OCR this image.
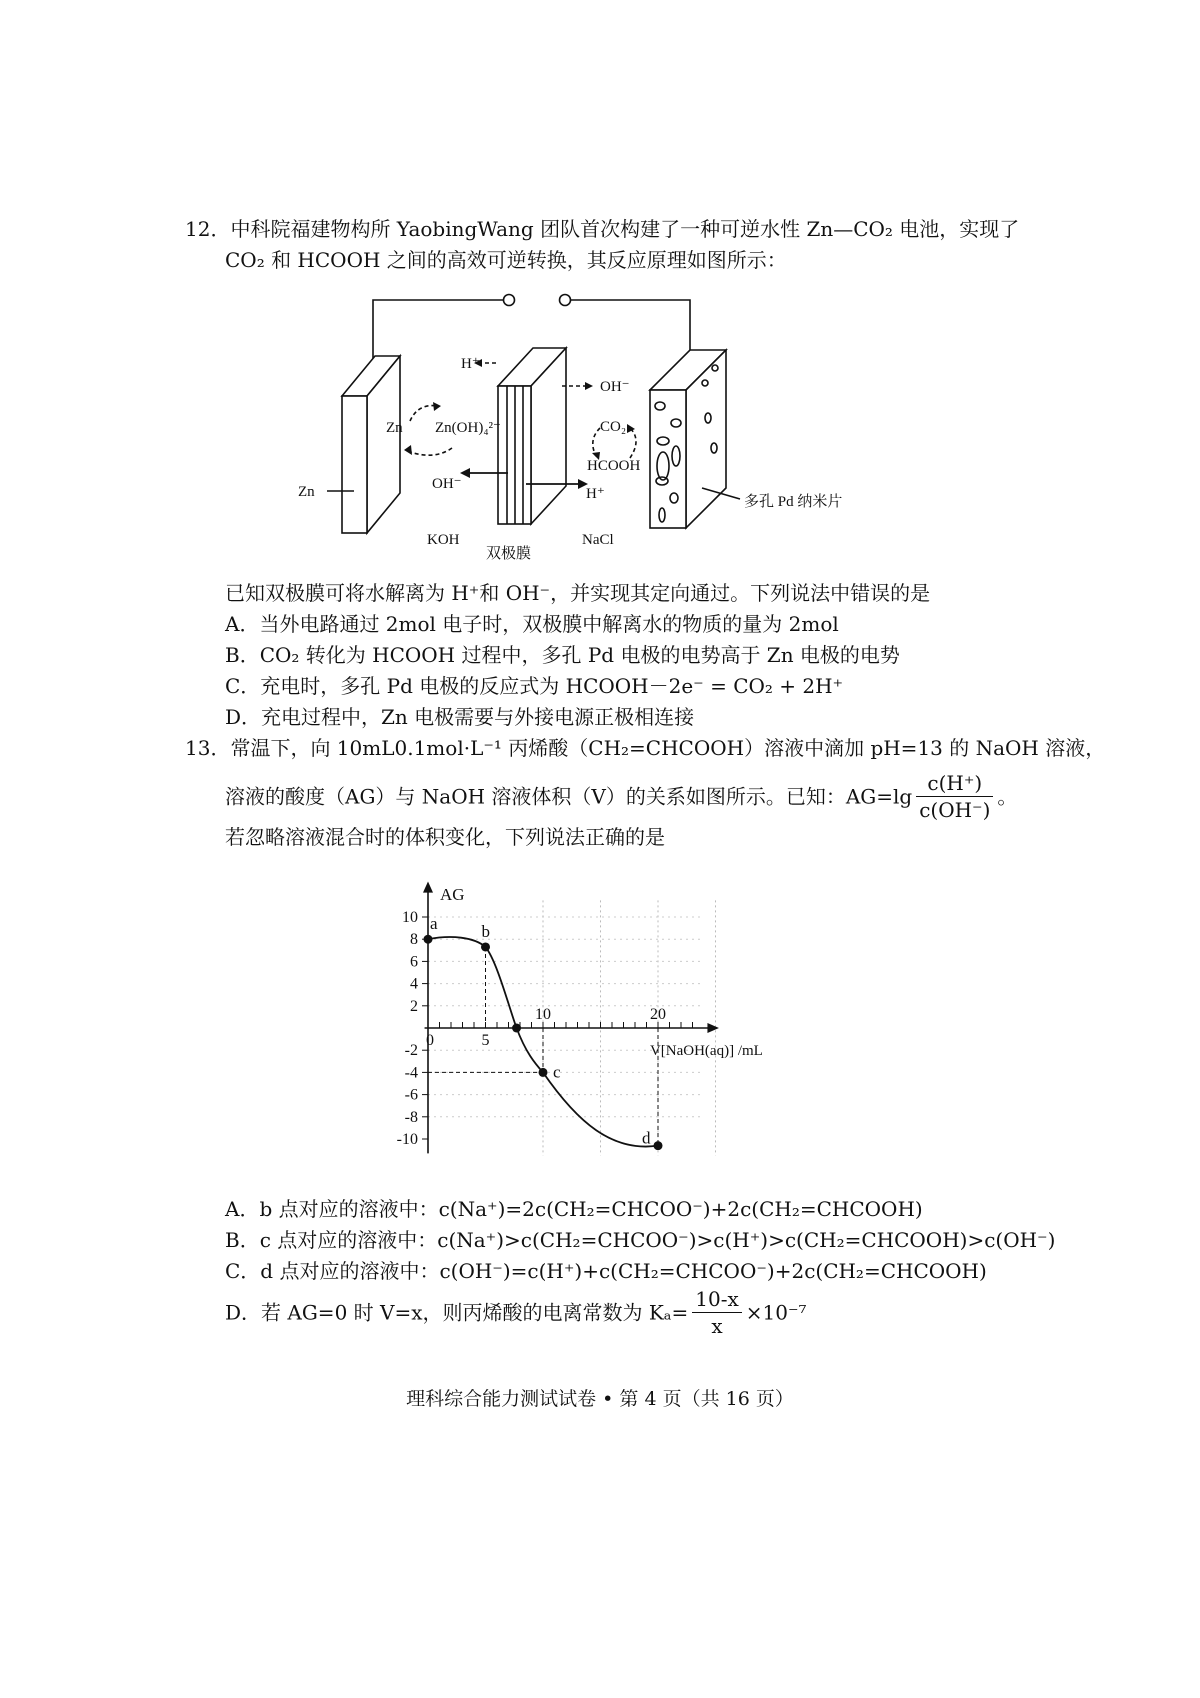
12．中科院福建物构所 YaobingWang 团队首次构建了一种可逆水性 Zn—CO₂ 电池，实现了
CO₂ 和 HCOOH 之间的高效可逆转换，其反应原理如图所示：
H⁺
OH⁻
Zn Zn(OH)₄²⁻	CO₂
HCOOH
OH⁻
H⁺
Zn
多孔 Pd 纳米片
KOH
双极膜
NaCl
已知双极膜可将水解离为 H⁺和 OH⁻，并实现其定向通过。下列说法中错误的是
A．当外电路通过 2mol 电子时，双极膜中解离水的物质的量为 2mol
B．CO₂ 转化为 HCOOH 过程中，多孔 Pd 电极的电势高于 Zn 电极的电势
C．充电时，多孔 Pd 电极的反应式为 HCOOH－2e⁻ = CO₂ + 2H⁺
D．充电过程中，Zn 电极需要与外接电源正极相连接
13．常温下，向 10mL0.1mol·L⁻¹ 丙烯酸（CH₂=CHCOOH）溶液中滴加 pH=13 的 NaOH 溶液，
溶液的酸度（AG）与 NaOH 溶液体积（V）的关系如图所示。已知：$AG=\lg \frac{c(H^+)}{c(OH^-)}$ 。
若忽略溶液混合时的体积变化，下列说法正确的是
0	5
10	20
10
8
6
4
2
-2
-4
-6
-8
-10
AG
V[NaOH(aq)] /mL
a	b
c
d
A．b 点对应的溶液中：c(Na⁺)=2c(CH₂=CHCOO⁻)+2c(CH₂=CHCOOH)
B．c 点对应的溶液中：c(Na⁺)>c(CH₂=CHCOO⁻)>c(H⁺)>c(CH₂=CHCOOH)>c(OH⁻)
C．d 点对应的溶液中：c(OH⁻)=c(H⁺)+c(CH₂=CHCOO⁻)+2c(CH₂=CHCOOH)
D．若 AG=0 时 V=x，则丙烯酸的电离常数为 $K_a= \frac{10-x}{x} \times 10^{-7}$
理科综合能力测试试卷 • 第 4 页（共 16 页）
